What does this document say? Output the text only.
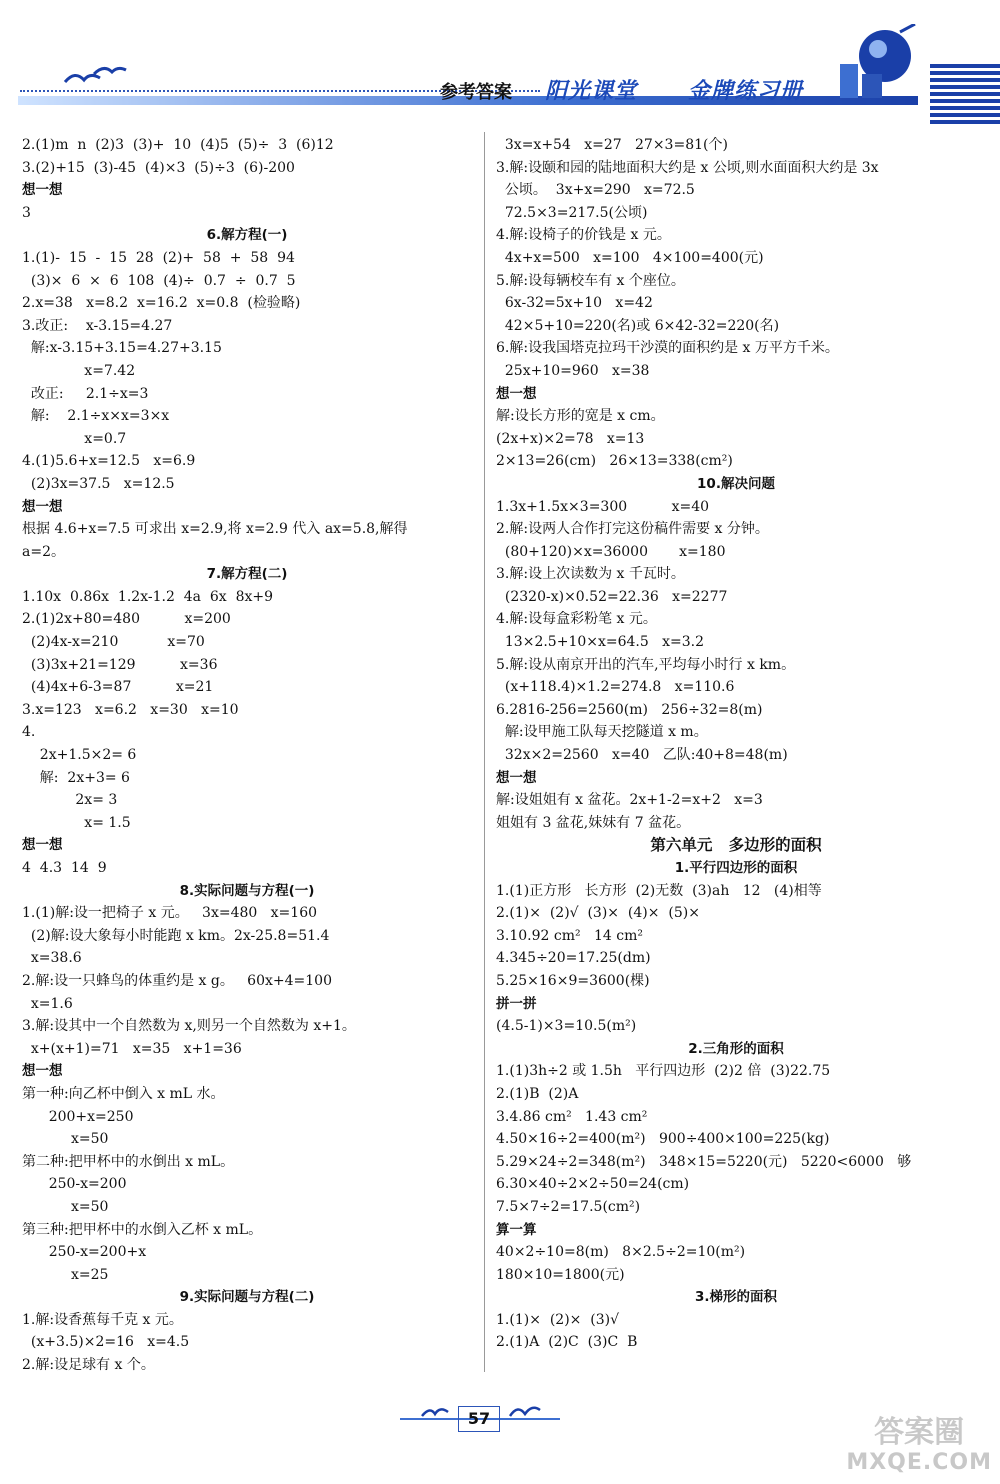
参考答案 阳光课堂 金牌练习册
2.(1)m  n  (2)3  (3)+  10  (4)5  (5)÷  3  (6)12
3.(2)+15  (3)-45  (4)×3  (5)÷3  (6)-200
想一想
3
6.解方程(一)
1.(1)-  15  -  15  28  (2)+  58  +  58  94
(3)×  6  ×  6  108  (4)÷  0.7  ÷  0.7  5
2.x=38   x=8.2  x=16.2  x=0.8  (检验略)
3.改正:    x-3.15=4.27
解:x-3.15+3.15=4.27+3.15
x=7.42
改正:     2.1÷x=3
解:    2.1÷x×x=3×x
x=0.7
4.(1)5.6+x=12.5   x=6.9
(2)3x=37.5   x=12.5
想一想
根据 4.6+x=7.5 可求出 x=2.9,将 x=2.9 代入 ax=5.8,解得
a=2。
7.解方程(二)
1.10x  0.86x  1.2x-1.2  4a  6x  8x+9
2.(1)2x+80=480          x=200
(2)4x-x=210           x=70
(3)3x+21=129          x=36
(4)4x+6-3=87          x=21
3.x=123   x=6.2   x=30   x=10
4.
2x+1.5×2= 6
解:  2x+3= 6
2x= 3
x= 1.5
想一想
4  4.3  14  9
8.实际问题与方程(一)
1.(1)解:设一把椅子 x 元。   3x=480   x=160
(2)解:设大象每小时能跑 x km。2x-25.8=51.4
x=38.6
2.解:设一只蜂鸟的体重约是 x g。   60x+4=100
x=1.6
3.解:设其中一个自然数为 x,则另一个自然数为 x+1。
x+(x+1)=71   x=35   x+1=36
想一想
第一种:向乙杯中倒入 x mL 水。
200+x=250
x=50
第二种:把甲杯中的水倒出 x mL。
250-x=200
x=50
第三种:把甲杯中的水倒入乙杯 x mL。
250-x=200+x
x=25
9.实际问题与方程(二)
1.解:设香蕉每千克 x 元。
(x+3.5)×2=16   x=4.5
2.解:设足球有 x 个。
3x=x+54   x=27   27×3=81(个)
3.解:设颐和园的陆地面积大约是 x 公顷,则水面面积大约是 3x
公顷。  3x+x=290   x=72.5
72.5×3=217.5(公顷)
4.解:设椅子的价钱是 x 元。
4x+x=500   x=100   4×100=400(元)
5.解:设每辆校车有 x 个座位。
6x-32=5x+10   x=42
42×5+10=220(名)或 6×42-32=220(名)
6.解:设我国塔克拉玛干沙漠的面积约是 x 万平方千米。
25x+10=960   x=38
想一想
解:设长方形的宽是 x cm。
(2x+x)×2=78   x=13
2×13=26(cm)   26×13=338(cm²)
10.解决问题
1.3x+1.5x×3=300          x=40
2.解:设两人合作打完这份稿件需要 x 分钟。
(80+120)×x=36000       x=180
3.解:设上次读数为 x 千瓦时。
(2320-x)×0.52=22.36   x=2277
4.解:设每盒彩粉笔 x 元。
13×2.5+10×x=64.5   x=3.2
5.解:设从南京开出的汽车,平均每小时行 x km。
(x+118.4)×1.2=274.8   x=110.6
6.2816-256=2560(m)   256÷32=8(m)
解:设甲施工队每天挖隧道 x m。
32x×2=2560   x=40   乙队:40+8=48(m)
想一想
解:设姐姐有 x 盆花。2x+1-2=x+2   x=3
姐姐有 3 盆花,妹妹有 7 盆花。
第六单元   多边形的面积
1.平行四边形的面积
1.(1)正方形   长方形  (2)无数  (3)ah   12   (4)相等
2.(1)×  (2)√  (3)×  (4)×  (5)×
3.10.92 cm²   14 cm²
4.345÷20=17.25(dm)
5.25×16×9=3600(棵)
拼一拼
(4.5-1)×3=10.5(m²)
2.三角形的面积
1.(1)3h÷2 或 1.5h   平行四边形  (2)2 倍  (3)22.75
2.(1)B  (2)A
3.4.86 cm²   1.43 cm²
4.50×16÷2=400(m²)   900÷400×100=225(kg)
5.29×24÷2=348(m²)   348×15=5220(元)   5220<6000   够
6.30×40÷2×2÷50=24(cm)
7.5×7÷2=17.5(cm²)
算一算
40×2÷10=8(m)   8×2.5÷2=10(m²)
180×10=1800(元)
3.梯形的面积
1.(1)×  (2)×  (3)√
2.(1)A  (2)C  (3)C  B
57	答案圈
MXQE.COM
